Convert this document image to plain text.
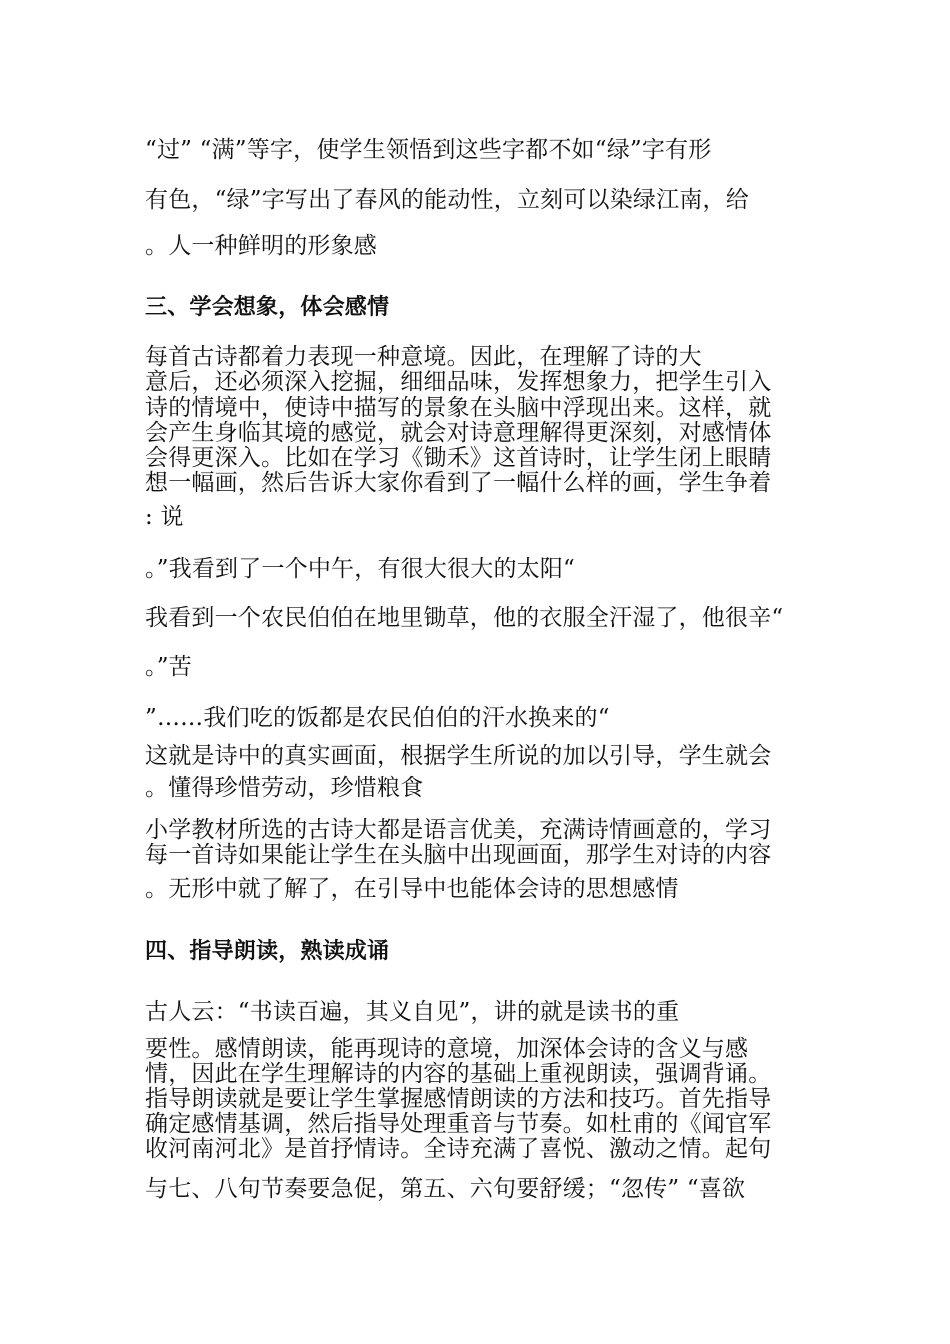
“过” “满”等字，使学生领悟到这些字都不如“绿”字有形
有色，“绿”字写出了春风的能动性，立刻可以染绿江南，给
。人一种鲜明的形象感
三、学会想象，体会感情
每首古诗都着力表现一种意境。因此，在理解了诗的大
意后，还必须深入挖掘，细细品味，发挥想象力，把学生引入
诗的情境中，使诗中描写的景象在头脑中浮现出来。这样，就
会产生身临其境的感觉，就会对诗意理解得更深刻，对感情体
会得更深入。比如在学习《锄禾》这首诗时，让学生闭上眼睛
想一幅画，然后告诉大家你看到了一幅什么样的画，学生争着
: 说
。”我看到了一个中午，有很大很大的太阳“
我看到一个农民伯伯在地里锄草，他的衣服全汗湿了，他很辛“
。”苦
”……我们吃的饭都是农民伯伯的汗水换来的“
这就是诗中的真实画面，根据学生所说的加以引导，学生就会
。懂得珍惜劳动，珍惜粮食
小学教材所选的古诗大都是语言优美，充满诗情画意的，学习
每一首诗如果能让学生在头脑中出现画面，那学生对诗的内容
。无形中就了解了，在引导中也能体会诗的思想感情
四、指导朗读，熟读成诵
古人云：“书读百遍，其义自见”，讲的就是读书的重
要性。感情朗读，能再现诗的意境，加深体会诗的含义与感
情，因此在学生理解诗的内容的基础上重视朗读，强调背诵。
指导朗读就是要让学生掌握感情朗读的方法和技巧。首先指导
确定感情基调，然后指导处理重音与节奏。如杜甫的《闻官军
收河南河北》是首抒情诗。全诗充满了喜悦、激动之情。起句
与七、八句节奏要急促，第五、六句要舒缓；“忽传” “喜欲
